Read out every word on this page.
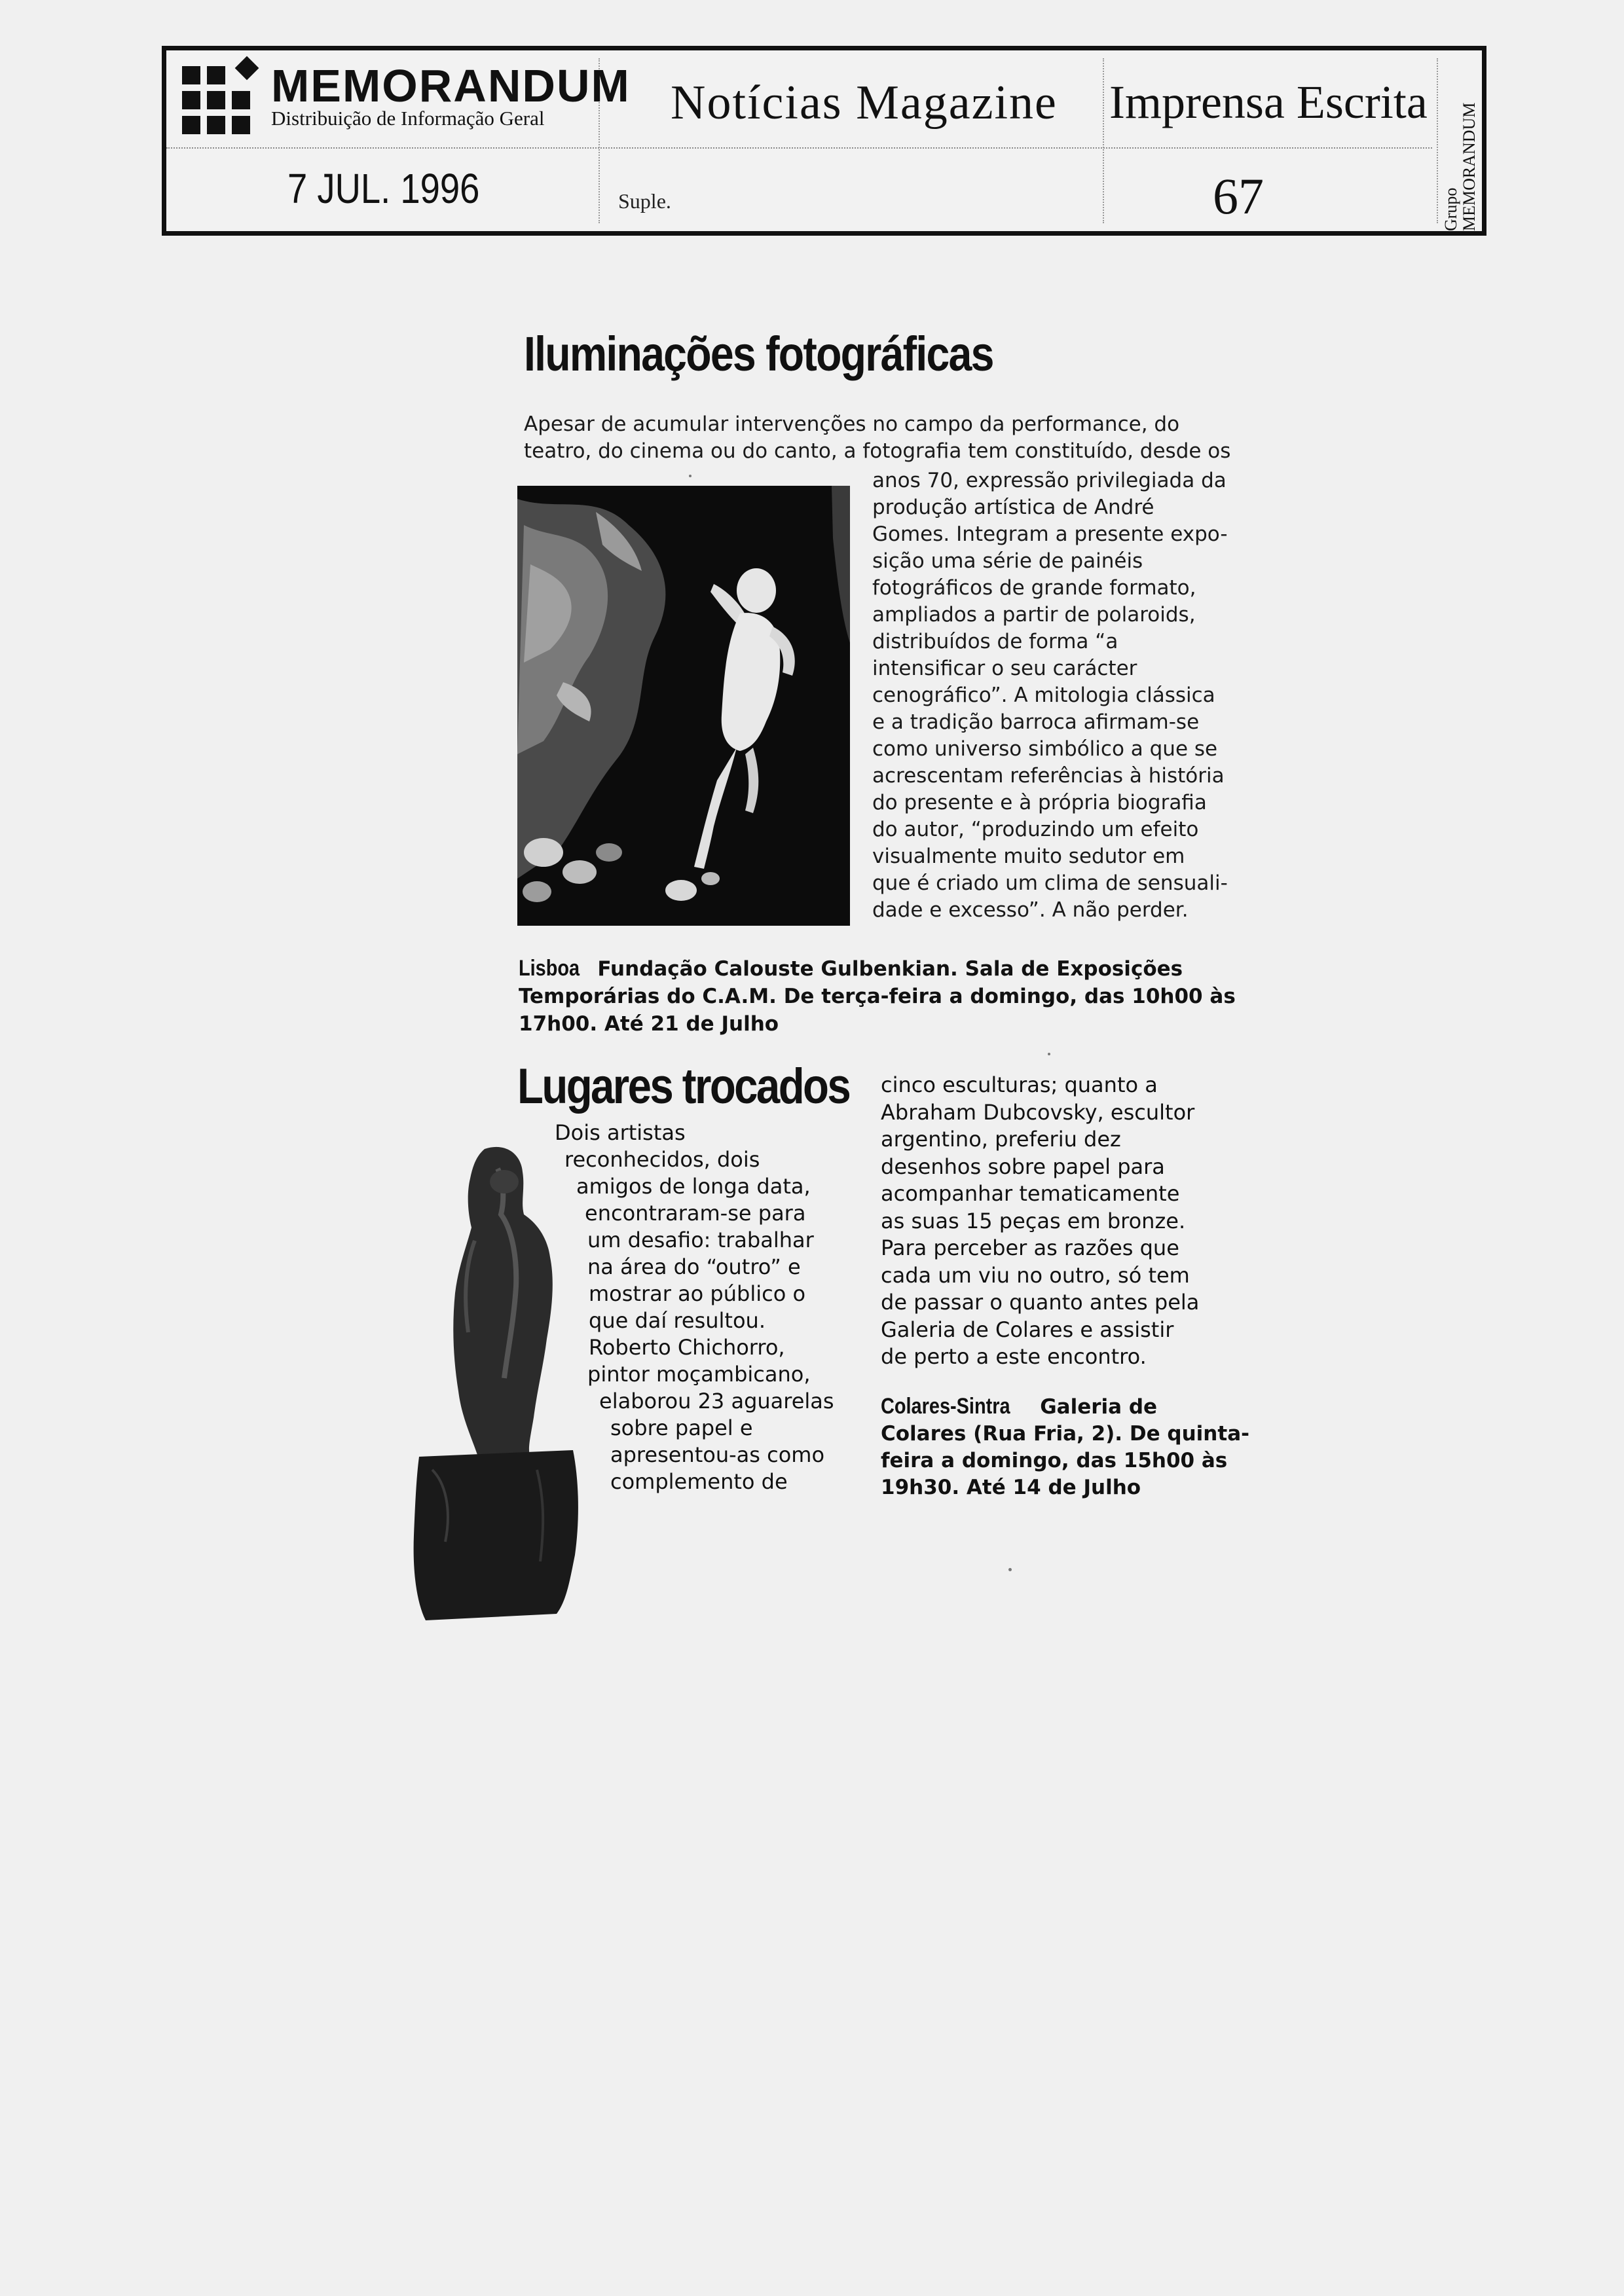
MEMORANDUM
Distribuição de Informação Geral
7 JUL. 1996
Notícias Magazine
Suple.
Imprensa Escrita
67	Grupo MEMORANDUM
Iluminações fotográficas
Apesar de acumular intervenções no campo da performance, do
teatro, do cinema ou do canto, a fotografia tem constituído, desde os
anos 70, expressão privilegiada da
produção artística de André
Gomes. Integram a presente expo-
sição uma série de painéis
fotográficos de grande formato,
ampliados a partir de polaroids,
distribuídos de forma “a
intensificar o seu carácter
cenográfico”. A mitologia clássica
e a tradição barroca afirmam-se
como universo simbólico a que se
acrescentam referências à história
do presente e à própria biografia
do autor, “produzindo um efeito
visualmente muito sedutor em
que é criado um clima de sensuali-
dade e excesso”. A não perder.
Lisboa Fundação Calouste Gulbenkian. Sala de Exposições
Temporárias do C.A.M. De terça-feira a domingo, das 10h00 às
17h00. Até 21 de Julho
Lugares trocados
Dois artistas
reconhecidos, dois
amigos de longa data,
encontraram-se para
um desafio: trabalhar
na área do “outro” e
mostrar ao público o
que daí resultou.
Roberto Chichorro,
pintor moçambicano,
elaborou 23 aguarelas
sobre papel e
apresentou-as como
complemento de
cinco esculturas; quanto a
Abraham Dubcovsky, escultor
argentino, preferiu dez
desenhos sobre papel para
acompanhar tematicamente
as suas 15 peças em bronze.
Para perceber as razões que
cada um viu no outro, só tem
de passar o quanto antes pela
Galeria de Colares e assistir
de perto a este encontro.
Colares-Sintra Galeria de
Colares (Rua Fria, 2). De quinta-
feira a domingo, das 15h00 às
19h30. Até 14 de Julho
